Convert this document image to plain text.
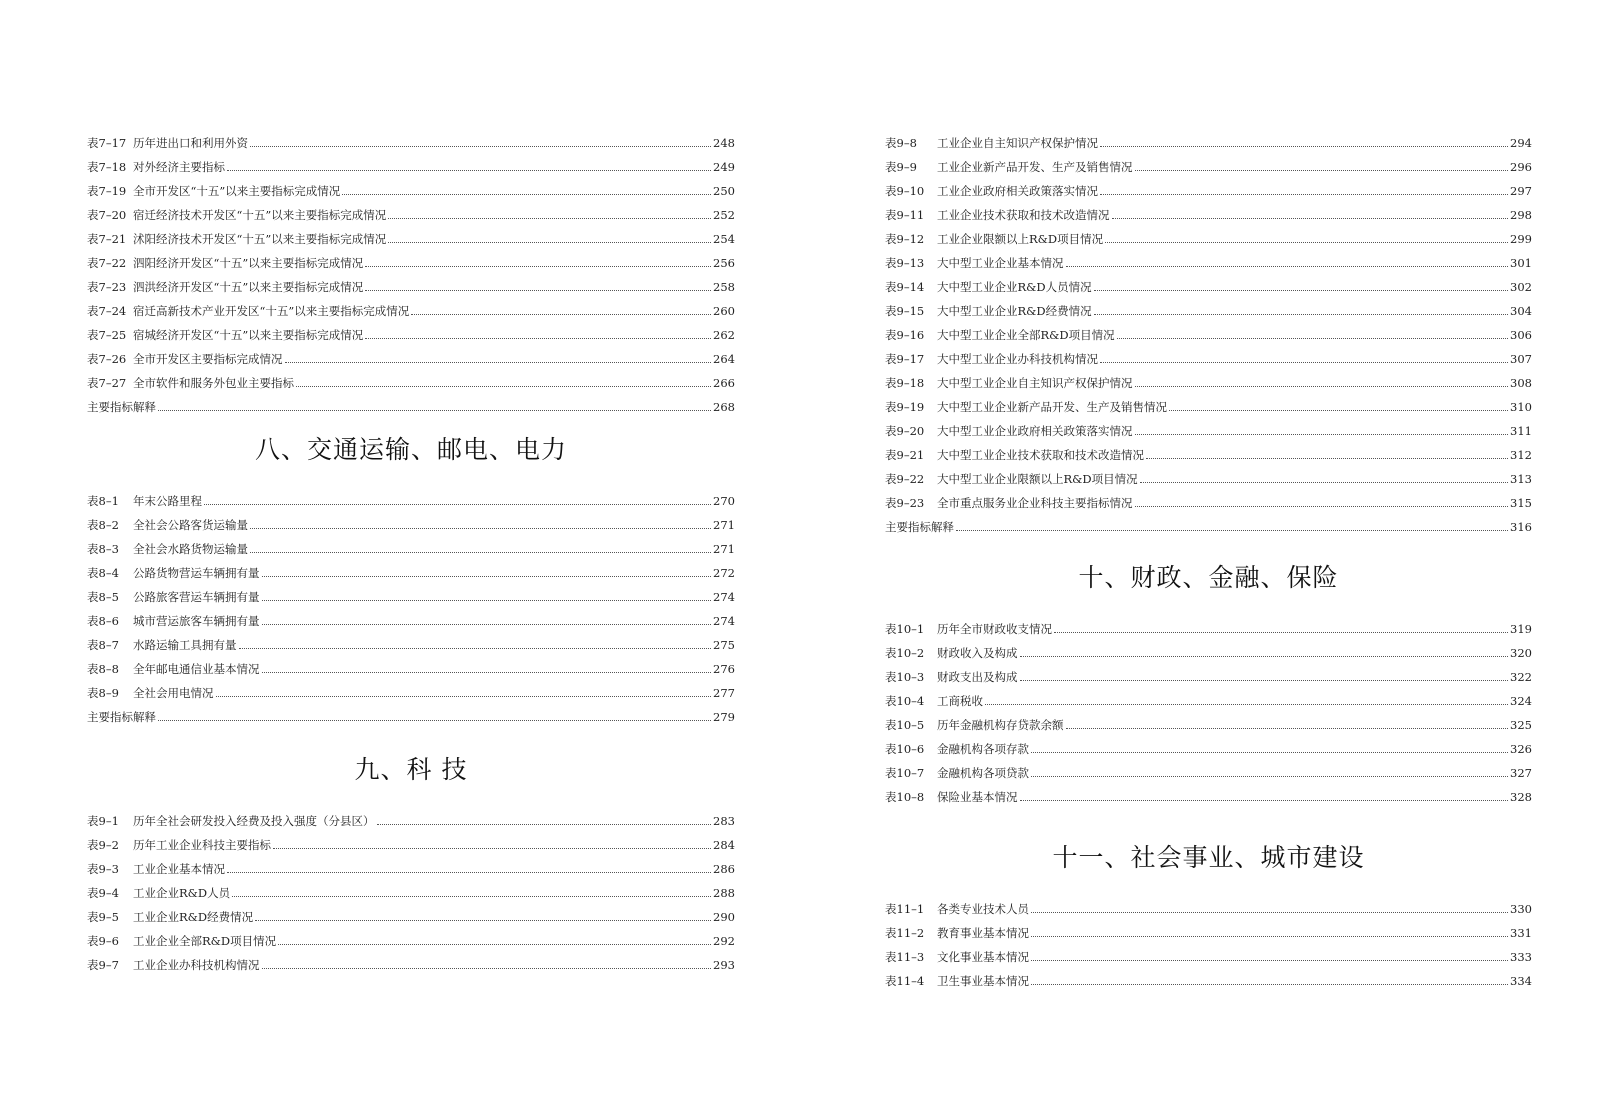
表7–17 历年进出口和利用外资	248
表7–18 对外经济主要指标	249
表7–19 全市开发区“十五”以来主要指标完成情况	250
表7–20 宿迁经济技术开发区“十五”以来主要指标完成情况	252
表7–21 沭阳经济技术开发区“十五”以来主要指标完成情况	254
表7–22 泗阳经济开发区“十五”以来主要指标完成情况	256
表7–23 泗洪经济开发区“十五”以来主要指标完成情况	258
表7–24 宿迁高新技术产业开发区“十五”以来主要指标完成情况	260
表7–25 宿城经济开发区“十五”以来主要指标完成情况	262
表7–26 全市开发区主要指标完成情况	264
表7–27 全市软件和服务外包业主要指标	266
主要指标解释	268
八、交通运输、邮电、电力
表8–1	年末公路里程	270
表8–2	全社会公路客货运输量	271
表8–3	全社会水路货物运输量	271
表8–4	公路货物营运车辆拥有量	272
表8–5	公路旅客营运车辆拥有量	274
表8–6	城市营运旅客车辆拥有量	274
表8–7	水路运输工具拥有量	275
表8–8	全年邮电通信业基本情况	276
表8–9	全社会用电情况	277
主要指标解释	279
九、科 技
表9–1	历年全社会研发投入经费及投入强度（分县区）	283
表9–2	历年工业企业科技主要指标	284
表9–3	工业企业基本情况	286
表9–4	工业企业R&D人员	288
表9–5	工业企业R&D经费情况	290
表9–6	工业企业全部R&D项目情况	292
表9–7	工业企业办科技机构情况	293
表9–8	工业企业自主知识产权保护情况	294
表9–9	工业企业新产品开发、生产及销售情况	296
表9–10	工业企业政府相关政策落实情况	297
表9–11	工业企业技术获取和技术改造情况	298
表9–12	工业企业限额以上R&D项目情况	299
表9–13	大中型工业企业基本情况	301
表9–14	大中型工业企业R&D人员情况	302
表9–15	大中型工业企业R&D经费情况	304
表9–16	大中型工业企业全部R&D项目情况	306
表9–17	大中型工业企业办科技机构情况	307
表9–18	大中型工业企业自主知识产权保护情况	308
表9–19	大中型工业企业新产品开发、生产及销售情况	310
表9–20	大中型工业企业政府相关政策落实情况	311
表9–21	大中型工业企业技术获取和技术改造情况	312
表9–22	大中型工业企业限额以上R&D项目情况	313
表9–23	全市重点服务业企业科技主要指标情况	315
主要指标解释	316
十、财政、金融、保险
表10–1	历年全市财政收支情况	319
表10–2	财政收入及构成	320
表10–3	财政支出及构成	322
表10–4	工商税收	324
表10–5	历年金融机构存贷款余额	325
表10–6	金融机构各项存款	326
表10–7	金融机构各项贷款	327
表10–8	保险业基本情况	328
十一、社会事业、城市建设
表11–1	各类专业技术人员	330
表11–2	教育事业基本情况	331
表11–3	文化事业基本情况	333
表11–4	卫生事业基本情况	334
